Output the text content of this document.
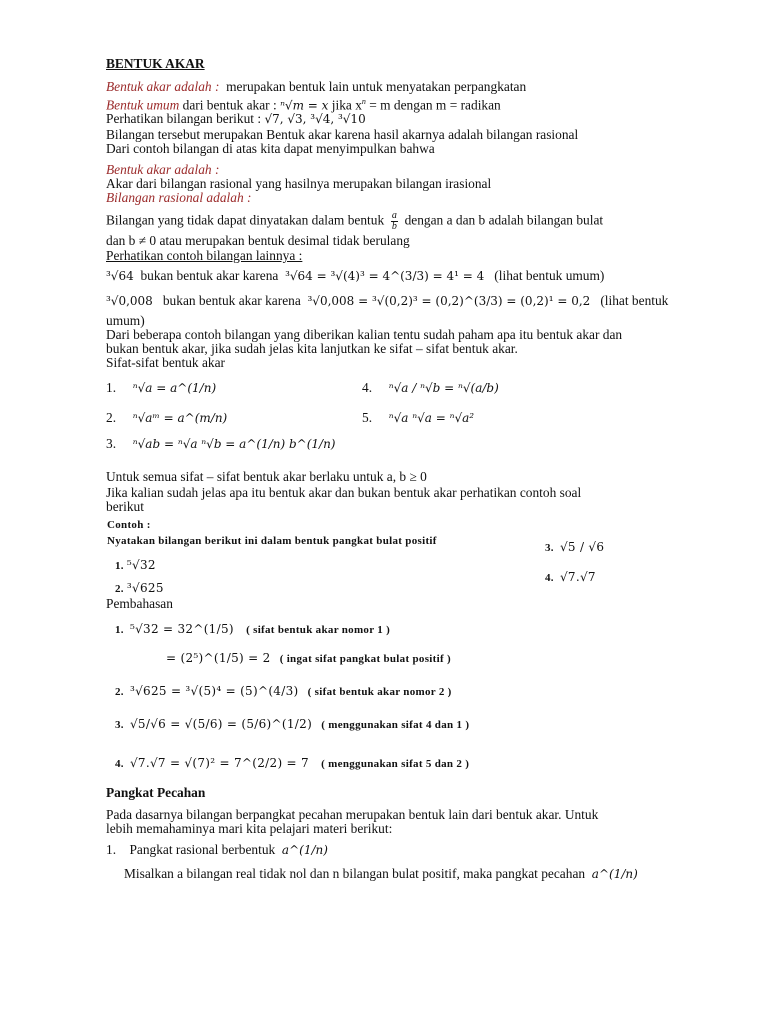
BENTUK AKAR
Bentuk akar adalah : merupakan bentuk lain untuk menyatakan perpangkatan
Bentuk umum dari bentuk akar : ⁿ√m = x jika $x^n = m$ dengan m = radikan
Perhatikan bilangan berikut : √7, √3, ³√4, ³√10
Bilangan tersebut merupakan Bentuk akar karena hasil akarnya adalah bilangan rasional
Dari contoh bilangan di atas kita dapat menyimpulkan bahwa
Bentuk akar adalah :
Akar dari bilangan rasional yang hasilnya merupakan bilangan irasional
Bilangan rasional adalah :
Bilangan yang tidak dapat dinyatakan dalam bentuk $\frac{a}{b}$ dengan a dan b adalah bilangan bulat
dan b ≠ 0 atau merupakan bentuk desimal tidak berulang
Perhatikan contoh bilangan lainnya :
³√64 bukan bentuk akar karena ³√64 = ³√(4)³ = 4^(3/3) = 4¹ = 4 (lihat bentuk umum)
³√0,008 bukan bentuk akar karena ³√0,008 = ³√(0,2)³ = (0,2)^(3/3) = (0,2)¹ = 0,2 (lihat bentuk
umum)
Dari beberapa contoh bilangan yang diberikan kalian tentu sudah paham apa itu bentuk akar dan
bukan bentuk akar, jika sudah jelas kita lanjutkan ke sifat – sifat bentuk akar.
Sifat-sifat bentuk akar
1. ⁿ√a = a^(1/n)
2. ⁿ√aᵐ = a^(m/n)
3. ⁿ√ab = ⁿ√a ⁿ√b = a^(1/n) b^(1/n)
4. ⁿ√a / ⁿ√b = ⁿ√(a/b)
5. ⁿ√a ⁿ√a = ⁿ√a²
Untuk semua sifat – sifat bentuk akar berlaku untuk a, b ≥ 0
Jika kalian sudah jelas apa itu bentuk akar dan bukan bentuk akar perhatikan contoh soal
berikut
Contoh :
Nyatakan bilangan berikut ini dalam bentuk pangkat bulat positif
1. ⁵√32
2. ³√625
3. √5 / √6
4. √7.√7
Pembahasan
1. ⁵√32 = 32^(1/5) ( sifat bentuk akar nomor 1 )
= (2⁵)^(1/5) = 2 ( ingat sifat pangkat bulat positif )
2. ³√625 = ³√(5)⁴ = (5)^(4/3) ( sifat bentuk akar nomor 2 )
3. √5/√6 = √(5/6) = (5/6)^(1/2) ( menggunakan sifat 4 dan 1 )
4. √7.√7 = √(7)² = 7^(2/2) = 7 ( menggunakan sifat 5 dan 2 )
Pangkat Pecahan
Pada dasarnya bilangan berpangkat pecahan merupakan bentuk lain dari bentuk akar. Untuk
lebih memahaminya mari kita pelajari materi berikut:
1. Pangkat rasional berbentuk a^(1/n)
Misalkan a bilangan real tidak nol dan n bilangan bulat positif, maka pangkat pecahan a^(1/n)
